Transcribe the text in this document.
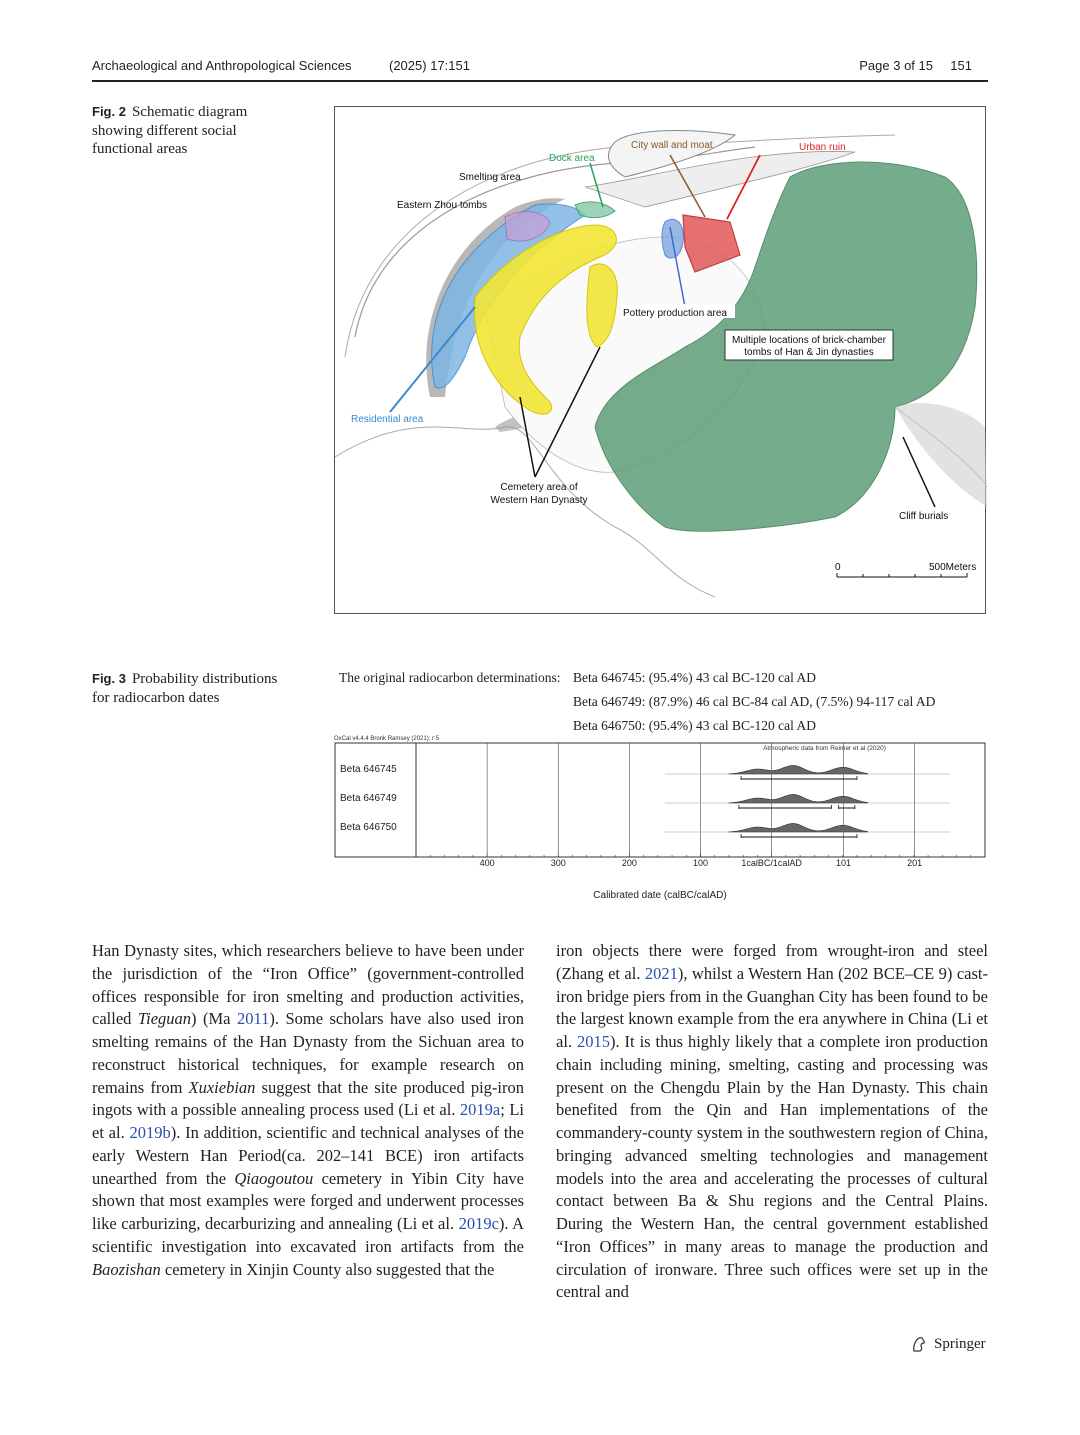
Archaeological and Anthropological Sciences	(2025) 17:151	Page 3 of 15 151
Fig. 2 Schematic diagram showing different social functional areas	City wall and moat	Urban ruin
Dock area
Smelting area
Eastern Zhou tombs
Pottery production area
Multiple locations of brick-chamber
tombs of Han & Jin dynasties
Residential area
Cemetery area of
Western Han Dynasty
Cliff burials
0	500Meters
Fig. 3 Probability distributions for radiocarbon dates
The original radiocarbon determinations: Beta 646745: (95.4%) 43 cal BC-120 cal AD
Beta 646749: (87.9%) 46 cal BC-84 cal AD, (7.5%) 94-117 cal AD
Beta 646750: (95.4%) 43 cal BC-120 cal AD
OxCal v4.4.4 Bronk Ramsey (2021); r:5
Atmospheric data from Reimer et al (2020)
Beta 646745
Beta 646749
Beta 646750
400	300	200	100	1calBC/1calAD	101	201
Calibrated date (calBC/calAD)

Han Dynasty sites, which researchers believe to have been under the jurisdiction of the “Iron Office” (government-controlled offices responsible for iron smelting and production activities, called Tieguan) (Ma 2011). Some scholars have also used iron smelting remains of the Han Dynasty from the Sichuan area to reconstruct historical techniques, for example research on remains from Xuxiebian suggest that the site produced pig-iron ingots with a possible annealing process used (Li et al. 2019a; Li et al. 2019b). In addition, scientific and technical analyses of the early Western Han Period(ca. 202–141 BCE) iron artifacts unearthed from the Qiaogoutou cemetery in Yibin City have shown that most examples were forged and underwent processes like carburizing, decarburizing and annealing (Li et al. 2019c). A scientific investigation into excavated iron artifacts from the Baozishan cemetery in Xinjin County also suggested that the

iron objects there were forged from wrought-iron and steel (Zhang et al. 2021), whilst a Western Han (202 BCE–CE 9) cast-iron bridge piers from in the Guanghan City has been found to be the largest known example from the era anywhere in China (Li et al. 2015). It is thus highly likely that a complete iron production chain including mining, smelting, casting and processing was present on the Chengdu Plain by the Han Dynasty. This chain benefited from the Qin and Han implementations of the commandery-county system in the southwestern region of China, bringing advanced smelting technologies and management models into the area and accelerating the processes of cultural contact between Ba & Shu regions and the Central Plains. During the Western Han, the central government established “Iron Offices” in many areas to manage the production and circulation of ironware. Three such offices were set up in the central and

Springer
